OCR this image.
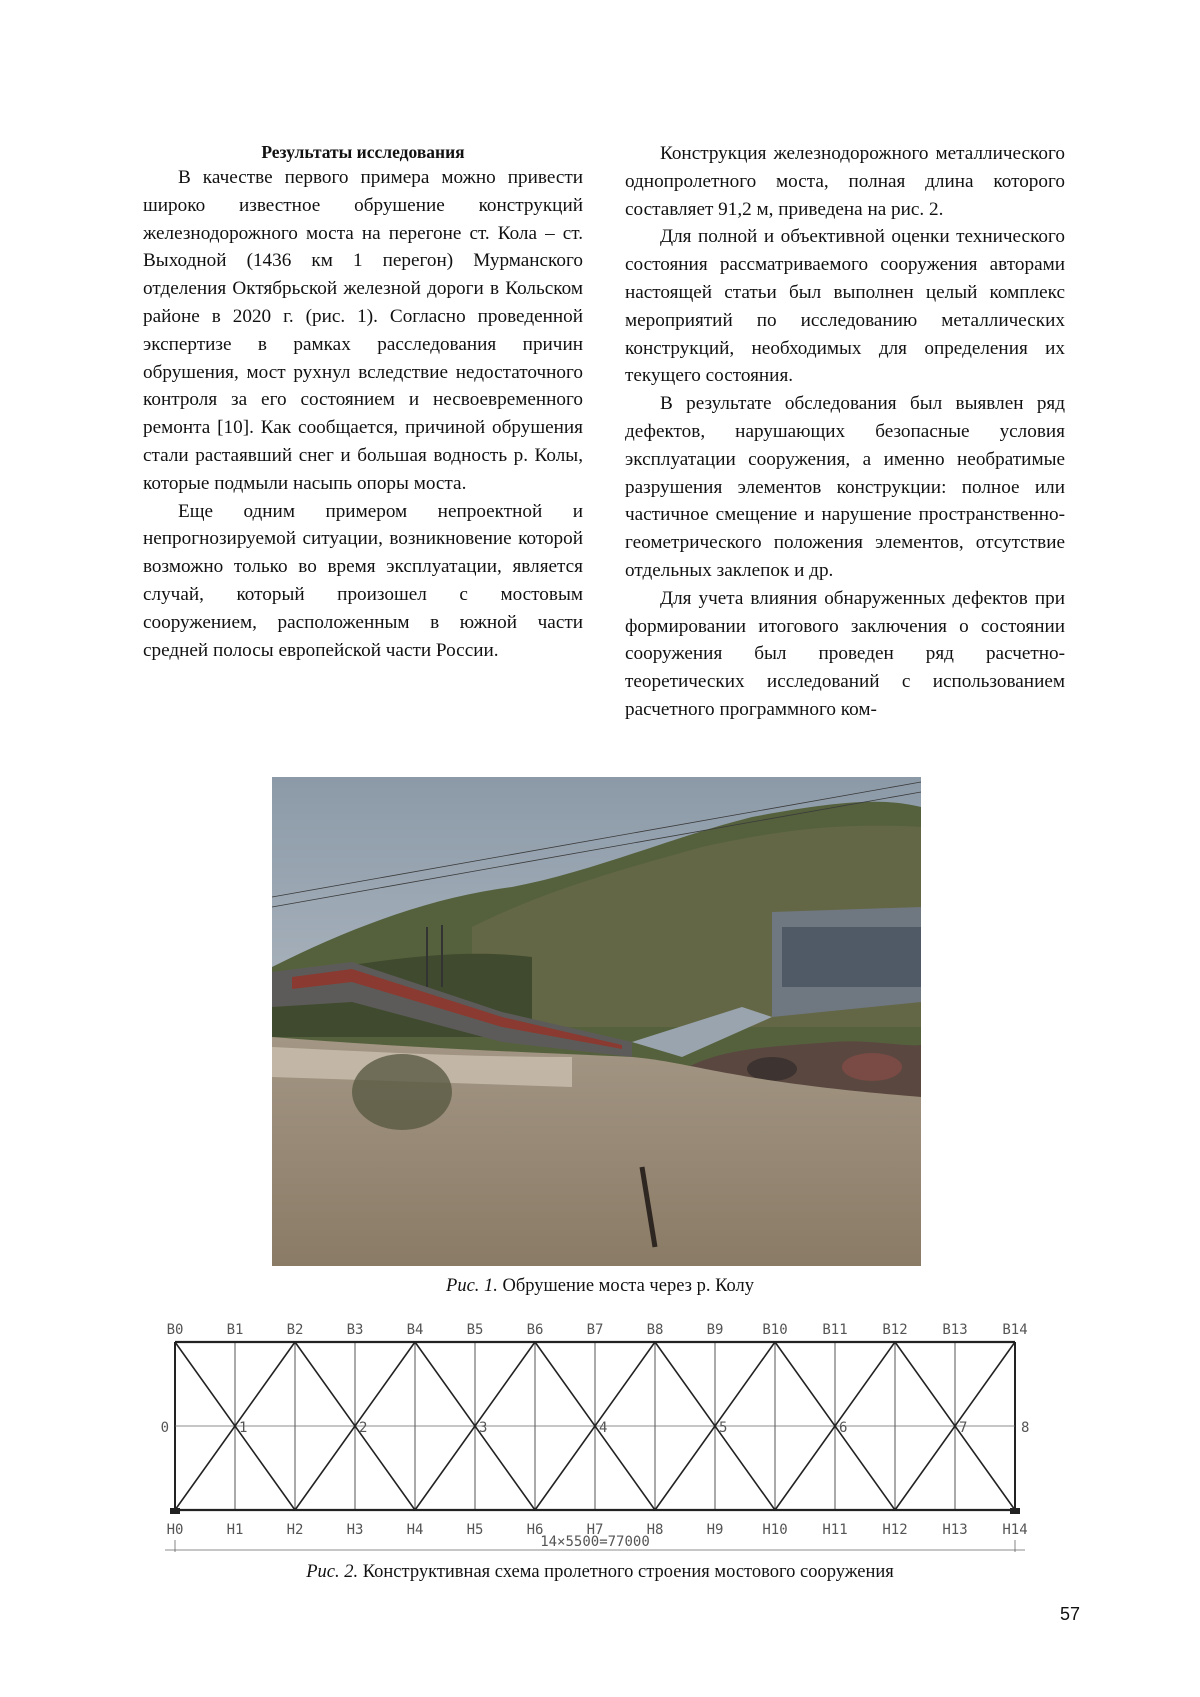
Результаты исследования

В качестве первого примера можно привести широко известное обрушение конструкций железнодорожного моста на перегоне ст. Кола – ст. Выходной (1436 км 1 перегон) Мурманского отделения Октябрьской железной дороги в Кольском районе в 2020 г. (рис. 1). Согласно проведенной экспертизе в рамках расследования причин обрушения, мост рухнул вследствие недостаточного контроля за его состоянием и несвоевременного ремонта [10]. Как сообщается, причиной обрушения стали растаявший снег и большая водность р. Колы, которые подмыли насыпь опоры моста.

Еще одним примером непроектной и непрогнозируемой ситуации, возникновение которой возможно только во время эксплуатации, является случай, который произошел с мостовым сооружением, расположенным в южной части средней полосы европейской части России.

Конструкция железнодорожного металлического однопролетного моста, полная длина которого составляет 91,2 м, приведена на рис. 2.

Для полной и объективной оценки технического состояния рассматриваемого сооружения авторами настоящей статьи был выполнен целый комплекс мероприятий по исследованию металлических конструкций, необходимых для определения их текущего состояния.

В результате обследования был выявлен ряд дефектов, нарушающих безопасные условия эксплуатации сооружения, а именно необратимые разрушения элементов конструкции: полное или частичное смещение и нарушение пространственно-геометрического положения элементов, отсутствие отдельных заклепок и др.

Для учета влияния обнаруженных дефектов при формировании итогового заключения о состоянии сооружения был проведен ряд расчетно-теоретических исследований с использованием расчетного программного ком-

Рис. 1. Обрушение моста через р. Колу
B0	B1	B2	B3	B4	B5	B6	B7	B8	B9	B10 B11 B12 B13 B14
H0	H1	H2	H3	H4	H5	H6	H7	H8	H9	H10 H11 H12 H13 H14
0	1	2	3	4	5	6	7	8
14×5500=77000
Рис. 2. Конструктивная схема пролетного строения мостового сооружения
57
